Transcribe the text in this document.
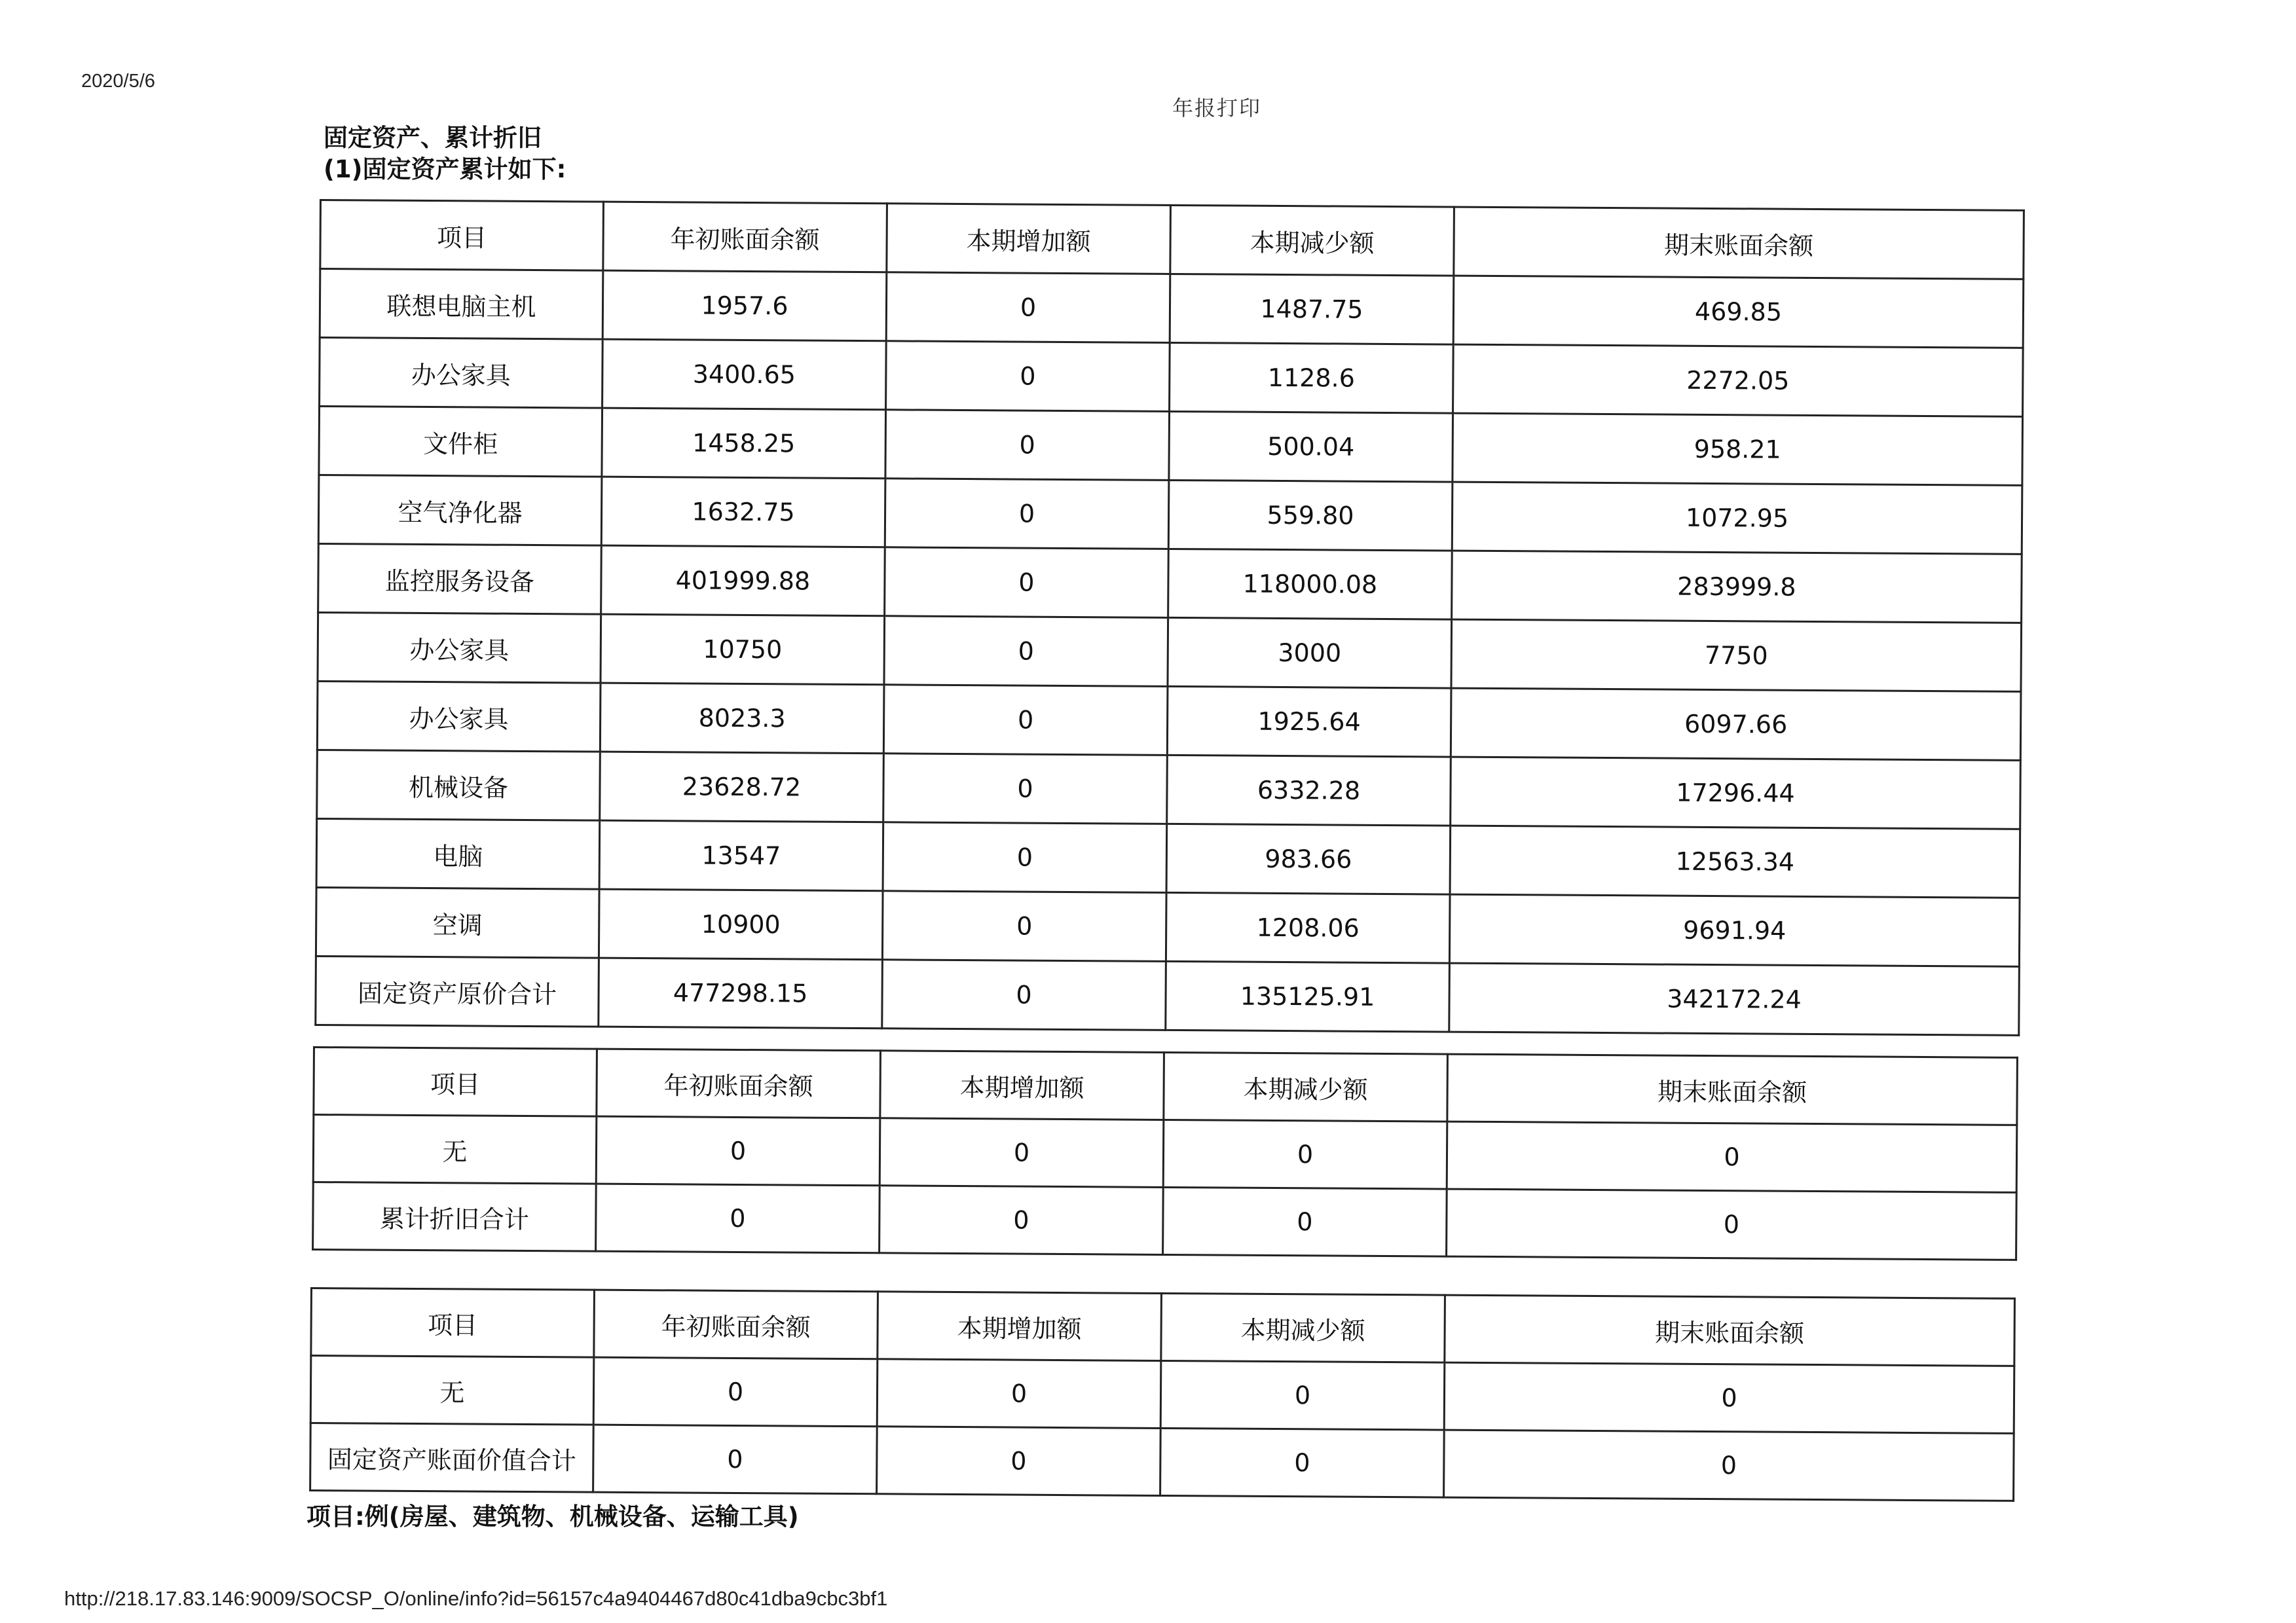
2020/5/6
年报打印
固定资产、累计折旧
(1)固定资产累计如下:
项目	年初账面余额	本期增加额	本期减少额	期末账面余额
联想电脑主机	1957.6	0	1487.75	469.85
办公家具	3400.65	0	1128.6	2272.05
文件柜	1458.25	0	500.04	958.21
空气净化器	1632.75	0	559.80	1072.95
监控服务设备	401999.88	0	118000.08	283999.8
办公家具	10750	0	3000	7750
办公家具	8023.3	0	1925.64	6097.66
机械设备	23628.72	0	6332.28	17296.44
电脑	13547	0	983.66	12563.34
空调	10900	0	1208.06	9691.94
固定资产原价合计	477298.15	0	135125.91	342172.24
项目	年初账面余额	本期增加额	本期减少额	期末账面余额
无	0	0	0	0
累计折旧合计	0	0	0	0
项目	年初账面余额	本期增加额	本期减少额	期末账面余额
无	0	0	0	0
固定资产账面价值合计	0	0	0	0
项目:例(房屋、建筑物、机械设备、运输工具)
http://218.17.83.146:9009/SOCSP_O/online/info?id=56157c4a9404467d80c41dba9cbc3bf1
